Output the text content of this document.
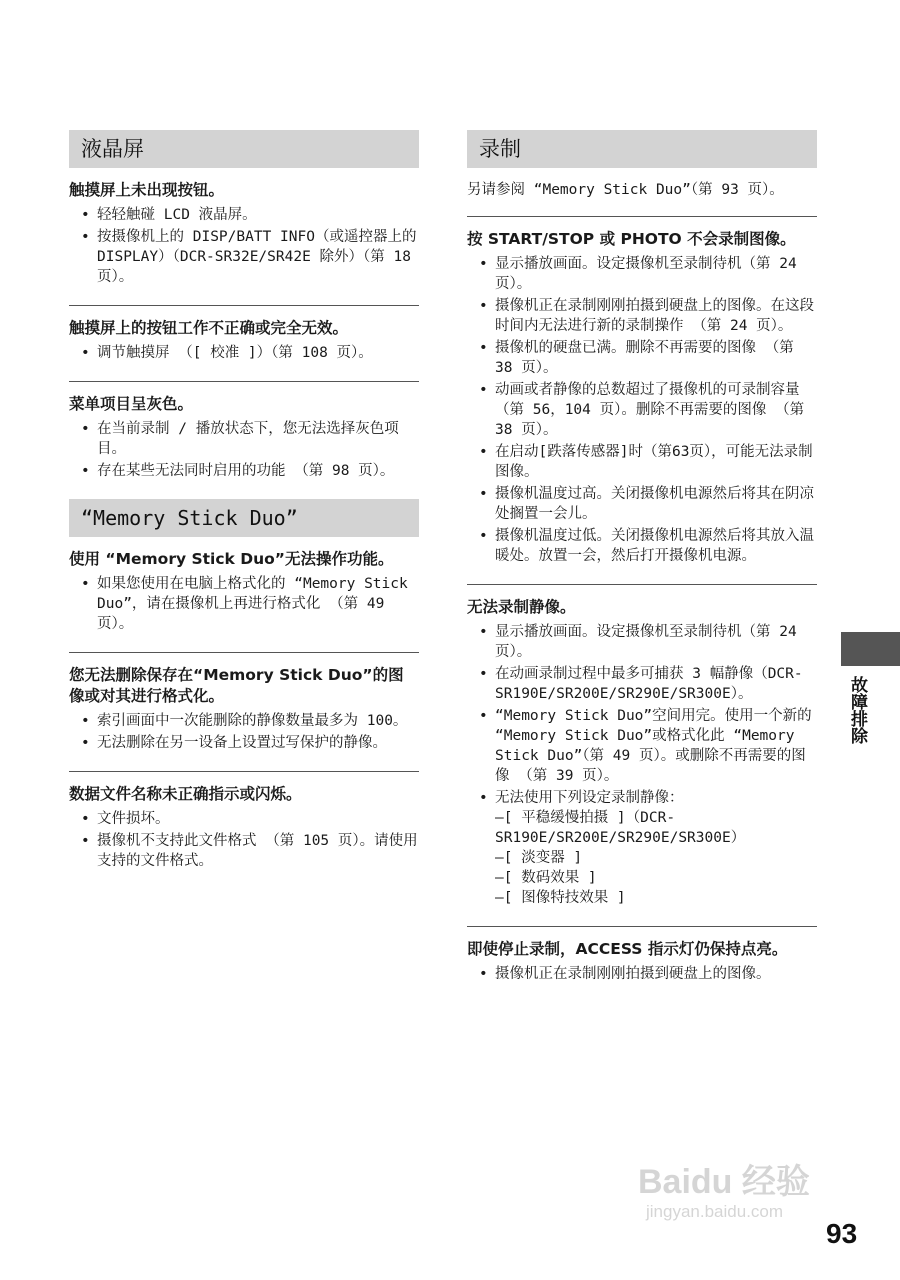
液晶屏
触摸屏上未出现按钮。
• 轻轻触碰 LCD 液晶屏。
• 按摄像机上的 DISP/BATT INFO（或遥控器上的 DISPLAY）（DCR-SR32E/SR42E 除外）（第 18 页）。
触摸屏上的按钮工作不正确或完全无效。
• 调节触摸屏 （[ 校准 ]）（第 108 页）。
菜单项目呈灰色。
• 在当前录制 / 播放状态下，您无法选择灰色项目。
• 存在某些无法同时启用的功能 （第 98 页）。
“Memory Stick Duo”
使用 “Memory Stick Duo”无法操作功能。
• 如果您使用在电脑上格式化的 “Memory Stick Duo”，请在摄像机上再进行格式化 （第 49 页）。
您无法删除保存在“Memory Stick Duo”的图像或对其进行格式化。
• 索引画面中一次能删除的静像数量最多为 100。
• 无法删除在另一设备上设置过写保护的静像。
数据文件名称未正确指示或闪烁。
• 文件损坏。
• 摄像机不支持此文件格式 （第 105 页）。请使用支持的文件格式。
录制
另请参阅 “Memory Stick Duo”（第 93 页）。
按 START/STOP 或 PHOTO 不会录制图像。
• 显示播放画面。设定摄像机至录制待机（第 24 页）。
• 摄像机正在录制刚刚拍摄到硬盘上的图像。在这段时间内无法进行新的录制操作 （第 24 页）。
• 摄像机的硬盘已满。删除不再需要的图像 （第 38 页）。
• 动画或者静像的总数超过了摄像机的可录制容量 （第 56，104 页）。删除不再需要的图像 （第 38 页）。
• 在启动[跌落传感器]时（第63页），可能无法录制图像。
• 摄像机温度过高。关闭摄像机电源然后将其在阴凉处搁置一会儿。
• 摄像机温度过低。关闭摄像机电源然后将其放入温暖处。放置一会，然后打开摄像机电源。
无法录制静像。
• 显示播放画面。设定摄像机至录制待机（第 24 页）。
• 在动画录制过程中最多可捕获 3 幅静像（DCR-SR190E/SR200E/SR290E/SR300E）。
• “Memory Stick Duo”空间用完。使用一个新的 “Memory Stick Duo”或格式化此 “Memory Stick Duo”（第 49 页）。或删除不再需要的图像 （第 39 页）。
• 无法使用下列设定录制静像：
–[ 平稳缓慢拍摄 ]（DCR-SR190E/SR200E/SR290E/SR300E）
–[ 淡变器 ]
–[ 数码效果 ]
–[ 图像特技效果 ]
即使停止录制，ACCESS 指示灯仍保持点亮。
• 摄像机正在录制刚刚拍摄到硬盘上的图像。
故障排除
Baidu 经验
jingyan.baidu.com
93
